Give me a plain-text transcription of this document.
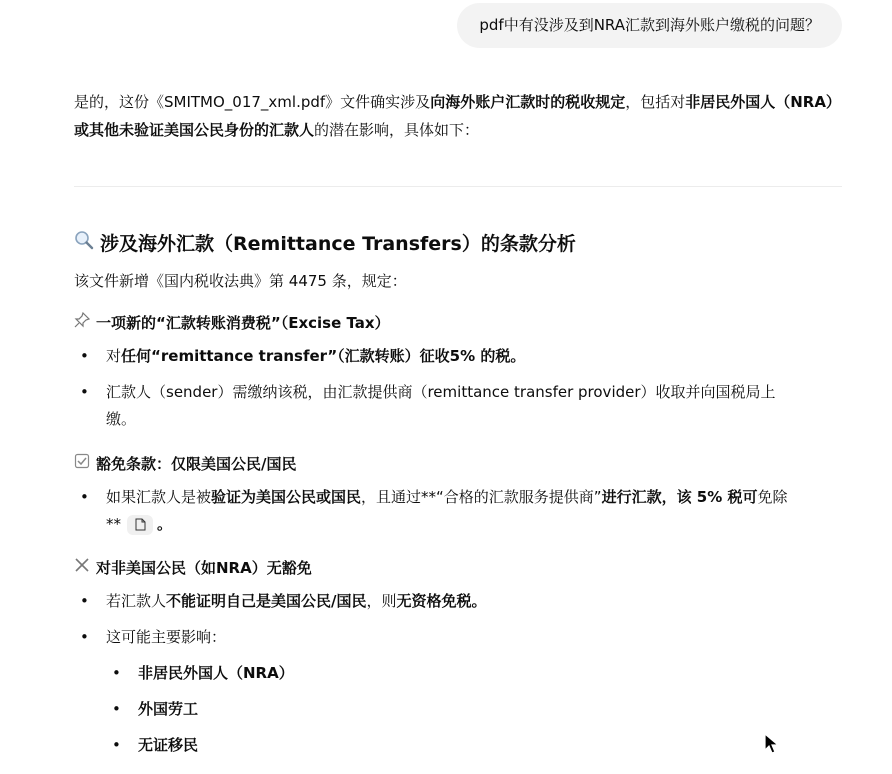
pdf中有没涉及到NRA汇款到海外账户缴税的问题？

是的，这份《SMITMO_017_xml.pdf》文件确实涉及向海外账户汇款时的税收规定，包括对非居民外国人（NRA）或其他未验证美国公民身份的汇款人的潜在影响，具体如下：

涉及海外汇款（Remittance Transfers）的条款分析
该文件新增《国内税收法典》第 4475 条，规定：
一项新的“汇款转账消费税”（Excise Tax）
• 对任何“remittance transfer”（汇款转账）征收5% 的税。
• 汇款人（sender）需缴纳该税，由汇款提供商（remittance transfer provider）收取并向国税局上
缴。
豁免条款：仅限美国公民/国民
• 如果汇款人是被验证为美国公民或国民，且通过**“合格的汇款服务提供商”进行汇款，该 5% 税可免除
** 。
对非美国公民（如NRA）无豁免
• 若汇款人不能证明自己是美国公民/国民，则无资格免税。
• 这可能主要影响：
• 非居民外国人（NRA）
• 外国劳工
• 无证移民
